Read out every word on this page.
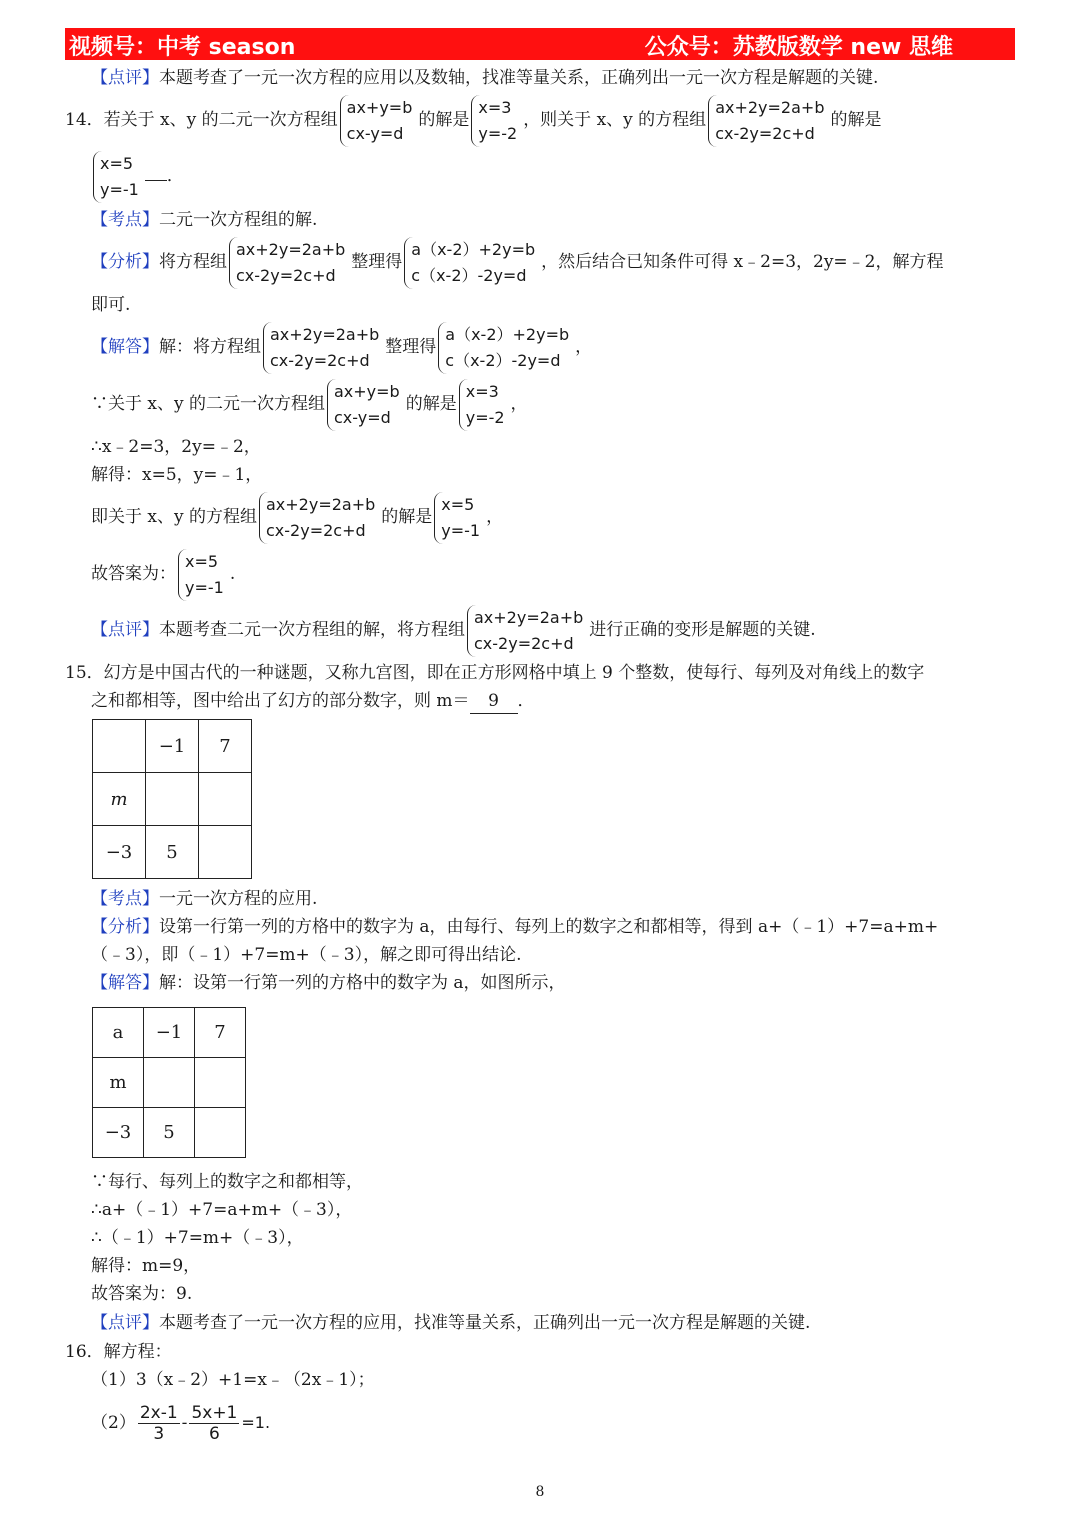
视频号：中考 season	公众号：苏教版数学 new 思维
【点评】本题考查了一元一次方程的应用以及数轴，找准等量关系，正确列出一元一次方程是解题的关键.
14．若关于 x、y 的二元一次方程组
ax+y=b
cx-y=d
的解是
x=3
y=-2
，则关于 x、y 的方程组
ax+2y=2a+b
cx-2y=2c+d
的解是
x=5
y=-1
．
【考点】二元一次方程组的解.
【分析】将方程组
ax+2y=2a+b
cx-2y=2c+d
整理得
a（x-2）+2y=b
c（x-2）-2y=d
，然后结合已知条件可得 x﹣2=3，2y=﹣2，解方程
即可.
【解答】解：将方程组
ax+2y=2a+b
cx-2y=2c+d
整理得
a（x-2）+2y=b
c（x-2）-2y=d
，
∵关于 x、y 的二元一次方程组
ax+y=b
cx-y=d
的解是
x=3
y=-2
，
∴x﹣2=3，2y=﹣2，
解得：x=5，y=﹣1，
即关于 x、y 的方程组
ax+2y=2a+b
cx-2y=2c+d
的解是
x=5
y=-1
，
故答案为：
x=5
y=-1
.
【点评】本题考查二元一次方程组的解，将方程组
ax+2y=2a+b
cx-2y=2c+d
进行正确的变形是解题的关键.
15．幻方是中国古代的一种谜题，又称九宫图，即在正方形网格中填上 9 个整数，使每行、每列及对角线上的数字
之和都相等，图中给出了幻方的部分数字，则 m＝ 9 ．
	−1	7
m		
−3	5	
【考点】一元一次方程的应用.
【分析】设第一行第一列的方格中的数字为 a，由每行、每列上的数字之和都相等，得到 a+（﹣1）+7=a+m+
（﹣3），即（﹣1）+7=m+（﹣3），解之即可得出结论.
【解答】解：设第一行第一列的方格中的数字为 a，如图所示，
a	−1	7
m		
−3	5	
∵每行、每列上的数字之和都相等，
∴a+（﹣1）+7=a+m+（﹣3），
∴（﹣1）+7=m+（﹣3），
解得：m=9，
故答案为：9.
【点评】本题考查了一元一次方程的应用，找准等量关系，正确列出一元一次方程是解题的关键.
16．解方程：
（1）3（x﹣2）+1=x﹣（2x﹣1）；
$(2) \frac{2x-1}{3} - \frac{5x+1}{6} =1$.
8
